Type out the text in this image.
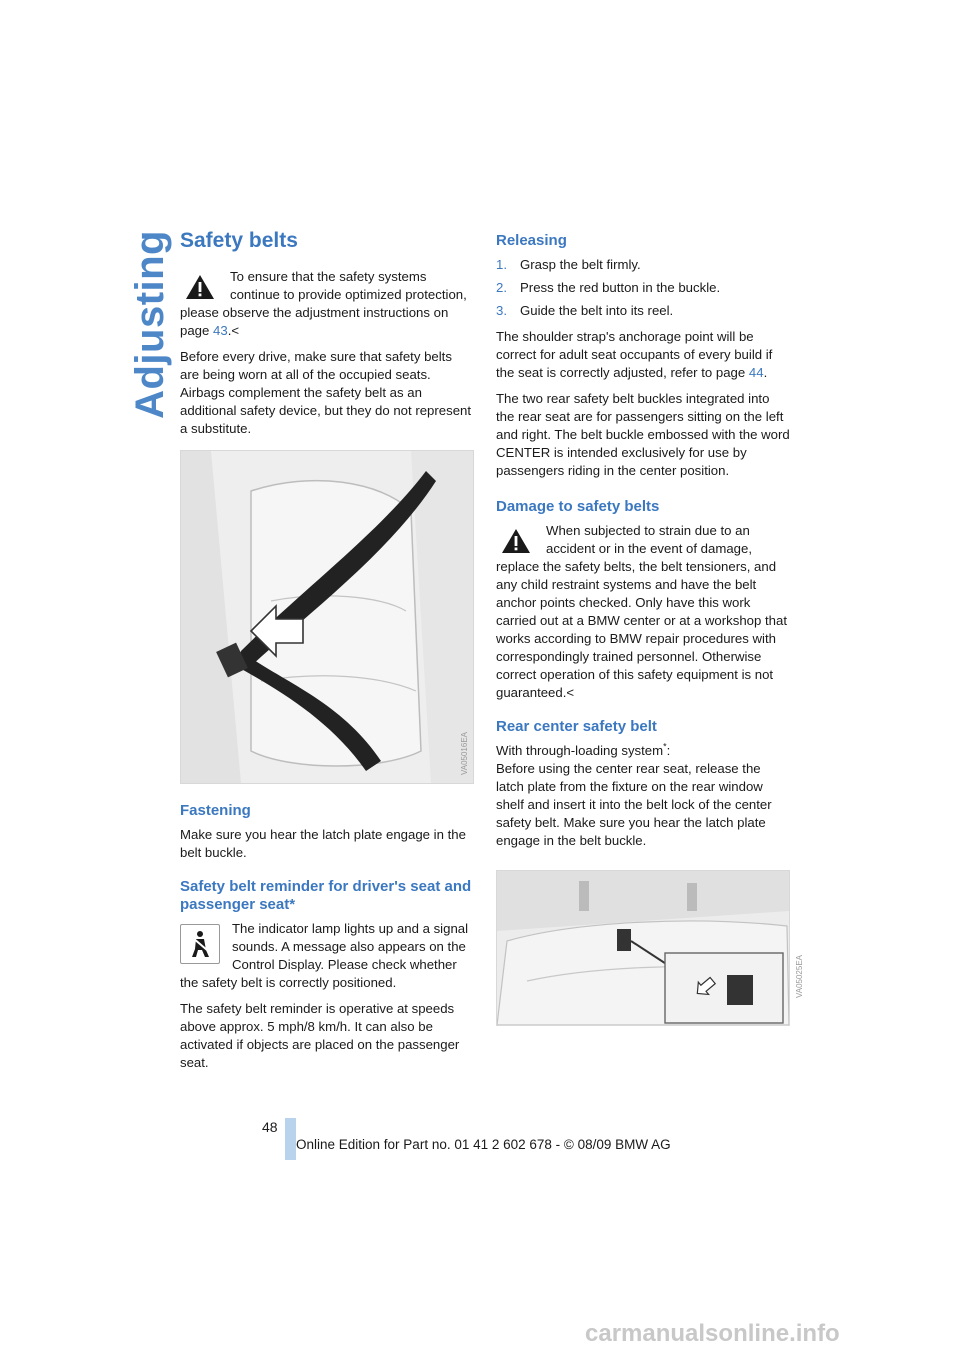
Adjusting Safety belts

To ensure that the safety systems continue to provide optimized protection, please observe the adjustment instructions on page 43.<

Before every drive, make sure that safety belts are being worn at all of the occupied seats. Airbags complement the safety belt as an additional safety device, but they do not represent a substitute.

VA05016EA
Fastening

Make sure you hear the latch plate engage in the belt buckle.

Safety belt reminder for driver's seat and passenger seat*

The indicator lamp lights up and a signal sounds. A message also appears on the Control Display. Please check whether the safety belt is correctly positioned.

The safety belt reminder is operative at speeds above approx. 5 mph/8 km/h. It can also be activated if objects are placed on the passenger seat.

Releasing
1. Grasp the belt firmly.
2. Press the red button in the buckle.
3. Guide the belt into its reel.

The shoulder strap's anchorage point will be correct for adult seat occupants of every build if the seat is correctly adjusted, refer to page 44.

The two rear safety belt buckles integrated into the rear seat are for passengers sitting on the left and right. The belt buckle embossed with the word CENTER is intended exclusively for use by passengers riding in the center position.

Damage to safety belts

When subjected to strain due to an accident or in the event of damage, replace the safety belts, the belt tensioners, and any child restraint systems and have the belt anchor points checked. Only have this work carried out at a BMW center or at a workshop that works according to BMW repair procedures with correspondingly trained personnel. Otherwise correct operation of this safety equipment is not guaranteed.<

Rear center safety belt

With through-loading system*:

Before using the center rear seat, release the latch plate from the fixture on the rear window shelf and insert it into the belt lock of the center safety belt. Make sure you hear the latch plate engage in the belt buckle.

VA05025EA
48
Online Edition for Part no. 01 41 2 602 678 - © 08/09 BMW AG
carmanualsonline.info
